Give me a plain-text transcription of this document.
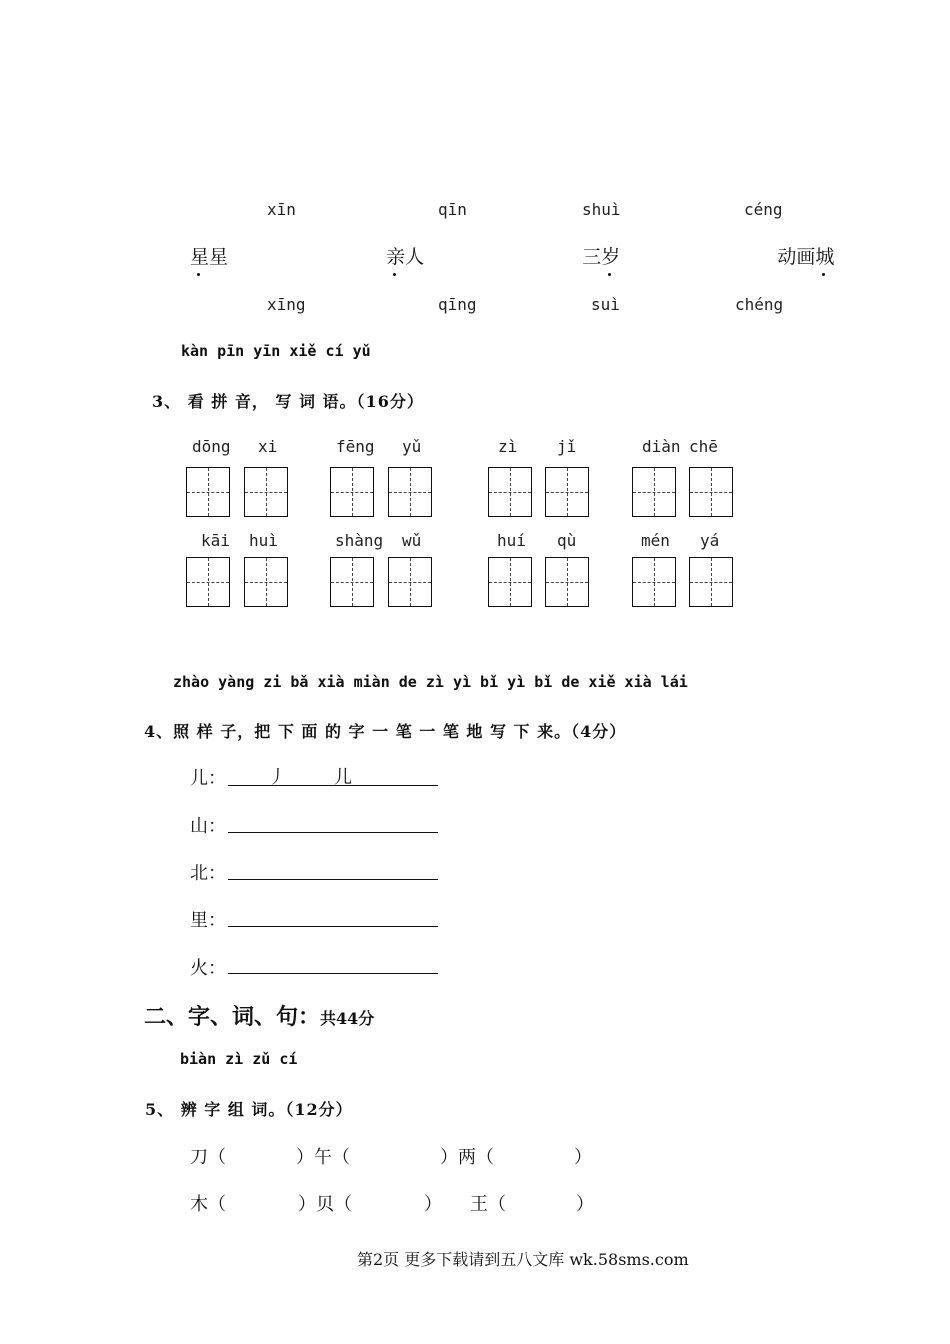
xīn	qīn	shuì	céng
星星	亲人	三岁	动画城
xīng	qīng	suì	chéng
kàn pīn yīn xiě cí yǔ
3、 看 拼 音， 写 词 语。（16分）
dōng xi	fēng yǔ	zì jǐ	diàn chē
kāi huì	shàng wǔ	huí qù	mén yá
zhào yàng zi bǎ xià miàn de zì yì bǐ yì bǐ de xiě xià lái
4、照 样 子，把 下 面 的 字 一 笔 一 笔 地 写 下 来。（4分）
儿： 丿	儿
山：
北：
里：
火：
二、字、词、句：共44分
biàn zì zǔ cí
5、 辨 字 组 词。（12分）
刀（	）午（	）两（	）
木（	）贝（	） 王（	）
第2页 更多下载请到五八文库 wk.58sms.com
